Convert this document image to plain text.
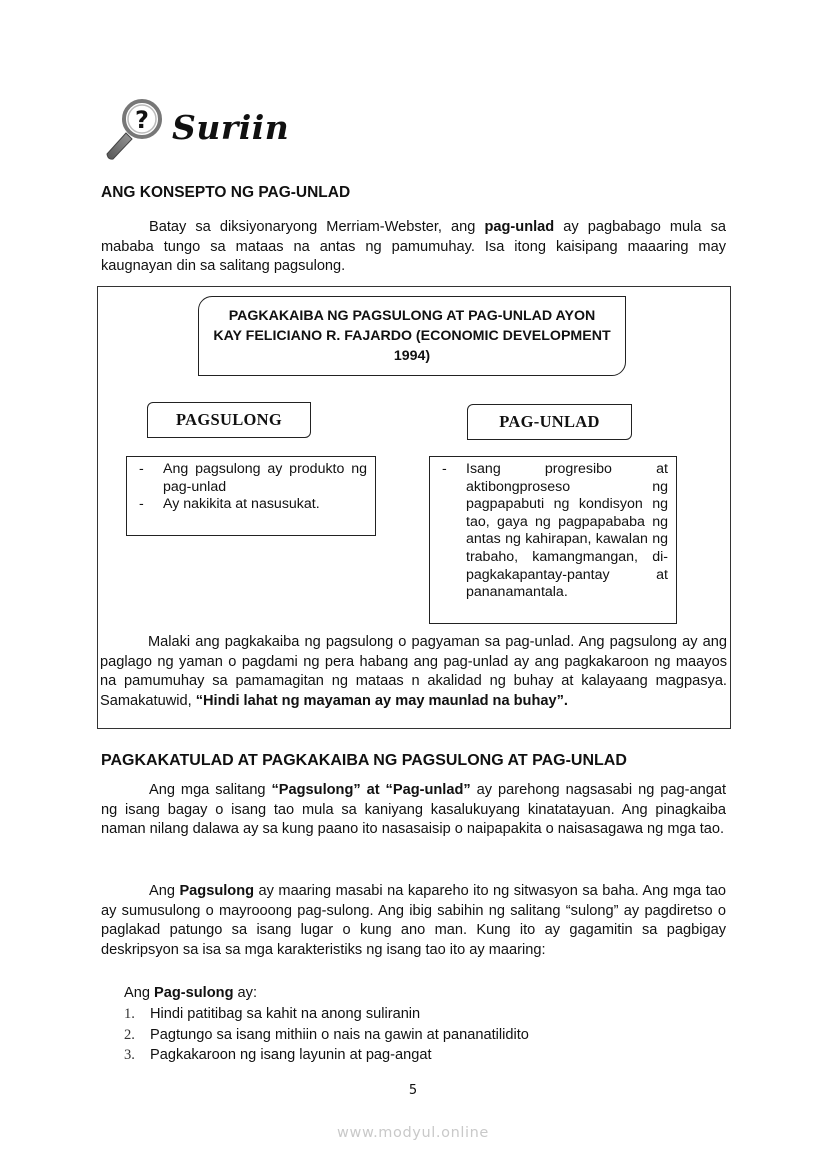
? Suriin
ANG KONSEPTO NG PAG-UNLAD
Batay sa diksiyonaryong Merriam-Webster, ang pag-unlad ay pagbabago mula sa mababa tungo sa mataas na antas ng pamumuhay. Isa itong kaisipang maaaring may kaugnayan din sa salitang pagsulong.
PAGKAKAIBA NG PAGSULONG AT PAG-UNLAD AYON KAY FELICIANO R. FAJARDO (ECONOMIC DEVELOPMENT 1994)
PAGSULONG	PAG-UNLAD
-	Ang pagsulong ay produkto ng pag-unlad
-	Ay nakikita at nasusukat.
-	Isang progresibo at aktibongproseso ng pagpapabuti ng kondisyon ng tao, gaya ng pagpapababa ng antas ng kahirapan, kawalan ng trabaho, kamangmangan, di-pagkakapantay-pantay at pananamantala.
Malaki ang pagkakaiba ng pagsulong o pagyaman sa pag-unlad. Ang pagsulong ay ang paglago ng yaman o pagdami ng pera habang ang pag-unlad ay ang pagkakaroon ng maayos na pamumuhay sa pamamagitan ng mataas n akalidad ng buhay at kalayaang magpasya. Samakatuwid, “Hindi lahat ng mayaman ay may maunlad na buhay”.
PAGKAKATULAD AT PAGKAKAIBA NG PAGSULONG AT PAG-UNLAD
Ang mga salitang “Pagsulong” at “Pag-unlad” ay parehong nagsasabi ng pag-angat ng isang bagay o isang tao mula sa kaniyang kasalukuyang kinatatayuan. Ang pinagkaiba naman nilang dalawa ay sa kung paano ito nasasaisip o naipapakita o naisasagawa ng mga tao.
Ang Pagsulong ay maaring masabi na kapareho ito ng sitwasyon sa baha. Ang mga tao ay sumusulong o mayrooong pag-sulong. Ang ibig sabihin ng salitang “sulong” ay pagdiretso o paglakad patungo sa isang lugar o kung ano man. Kung ito ay gagamitin sa pagbigay deskripsyon sa isa sa mga karakteristiks ng isang tao ito ay maaring:
Ang Pag-sulong ay:
1.	Hindi patitibag sa kahit na anong suliranin
2.	Pagtungo sa isang mithiin o nais na gawin at pananatilidito
3.	Pagkakaroon ng isang layunin at pag-angat
5
www.modyul.online
